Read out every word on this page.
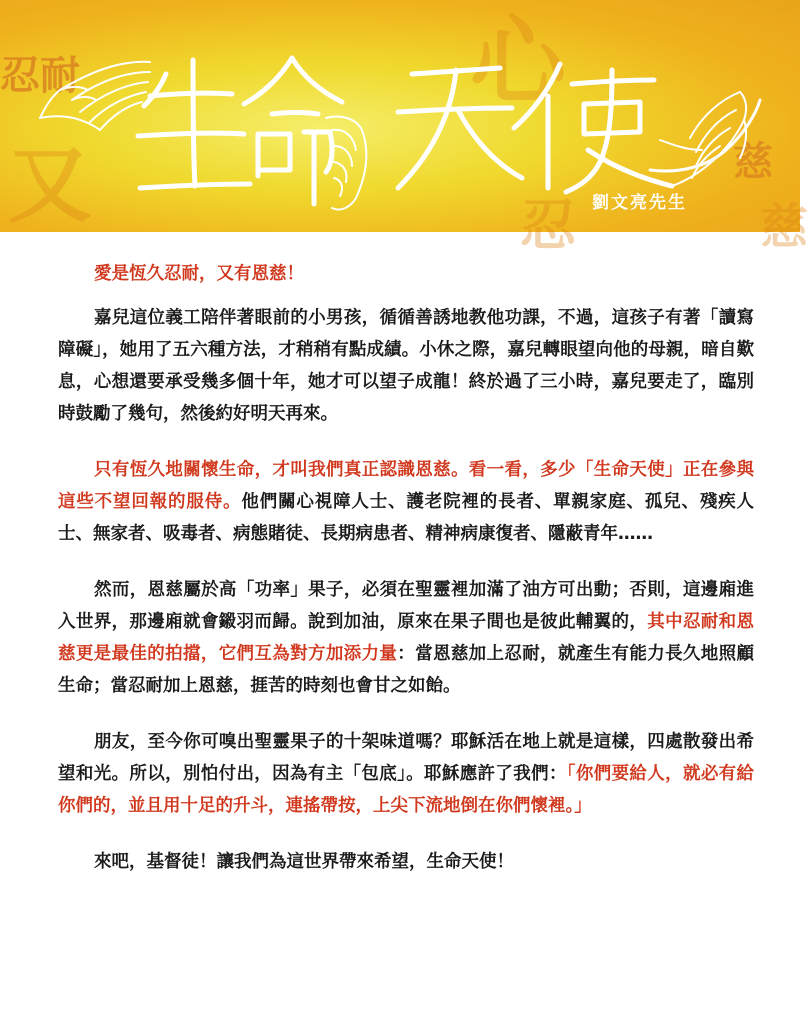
忍耐
又
心
慈
忍	慈
劉文亮先生

愛是恆久忍耐，又有恩慈！

嘉兒這位義工陪伴著眼前的小男孩，循循善誘地教他功課，不過，這孩子有著「讀寫障礙」，她用了五六種方法，才稍稍有點成績。小休之際，嘉兒轉眼望向他的母親，暗自歎息，心想還要承受幾多個十年，她才可以望子成龍！終於過了三小時，嘉兒要走了，臨別時鼓勵了幾句，然後約好明天再來。

只有恆久地關懷生命，才叫我們真正認識恩慈。看一看，多少「生命天使」正在參與這些不望回報的服侍。他們關心視障人士、護老院裡的長者、單親家庭、孤兒、殘疾人士、無家者、吸毒者、病態賭徒、長期病患者、精神病康復者、隱蔽青年……

然而，恩慈屬於高「功率」果子，必須在聖靈裡加滿了油方可出動；否則，這邊廂進入世界，那邊廂就會鎩羽而歸。說到加油，原來在果子間也是彼此輔翼的，其中忍耐和恩慈更是最佳的拍擋，它們互為對方加添力量：當恩慈加上忍耐，就產生有能力長久地照顧生命；當忍耐加上恩慈，捱苦的時刻也會甘之如飴。

朋友，至今你可嗅出聖靈果子的十架味道嗎？耶穌活在地上就是這樣，四處散發出希望和光。所以，別怕付出，因為有主「包底」。耶穌應許了我們：「你們要給人，就必有給你們的，並且用十足的升斗，連搖帶按，上尖下流地倒在你們懷裡。」

來吧，基督徒！讓我們為這世界帶來希望，生命天使！
